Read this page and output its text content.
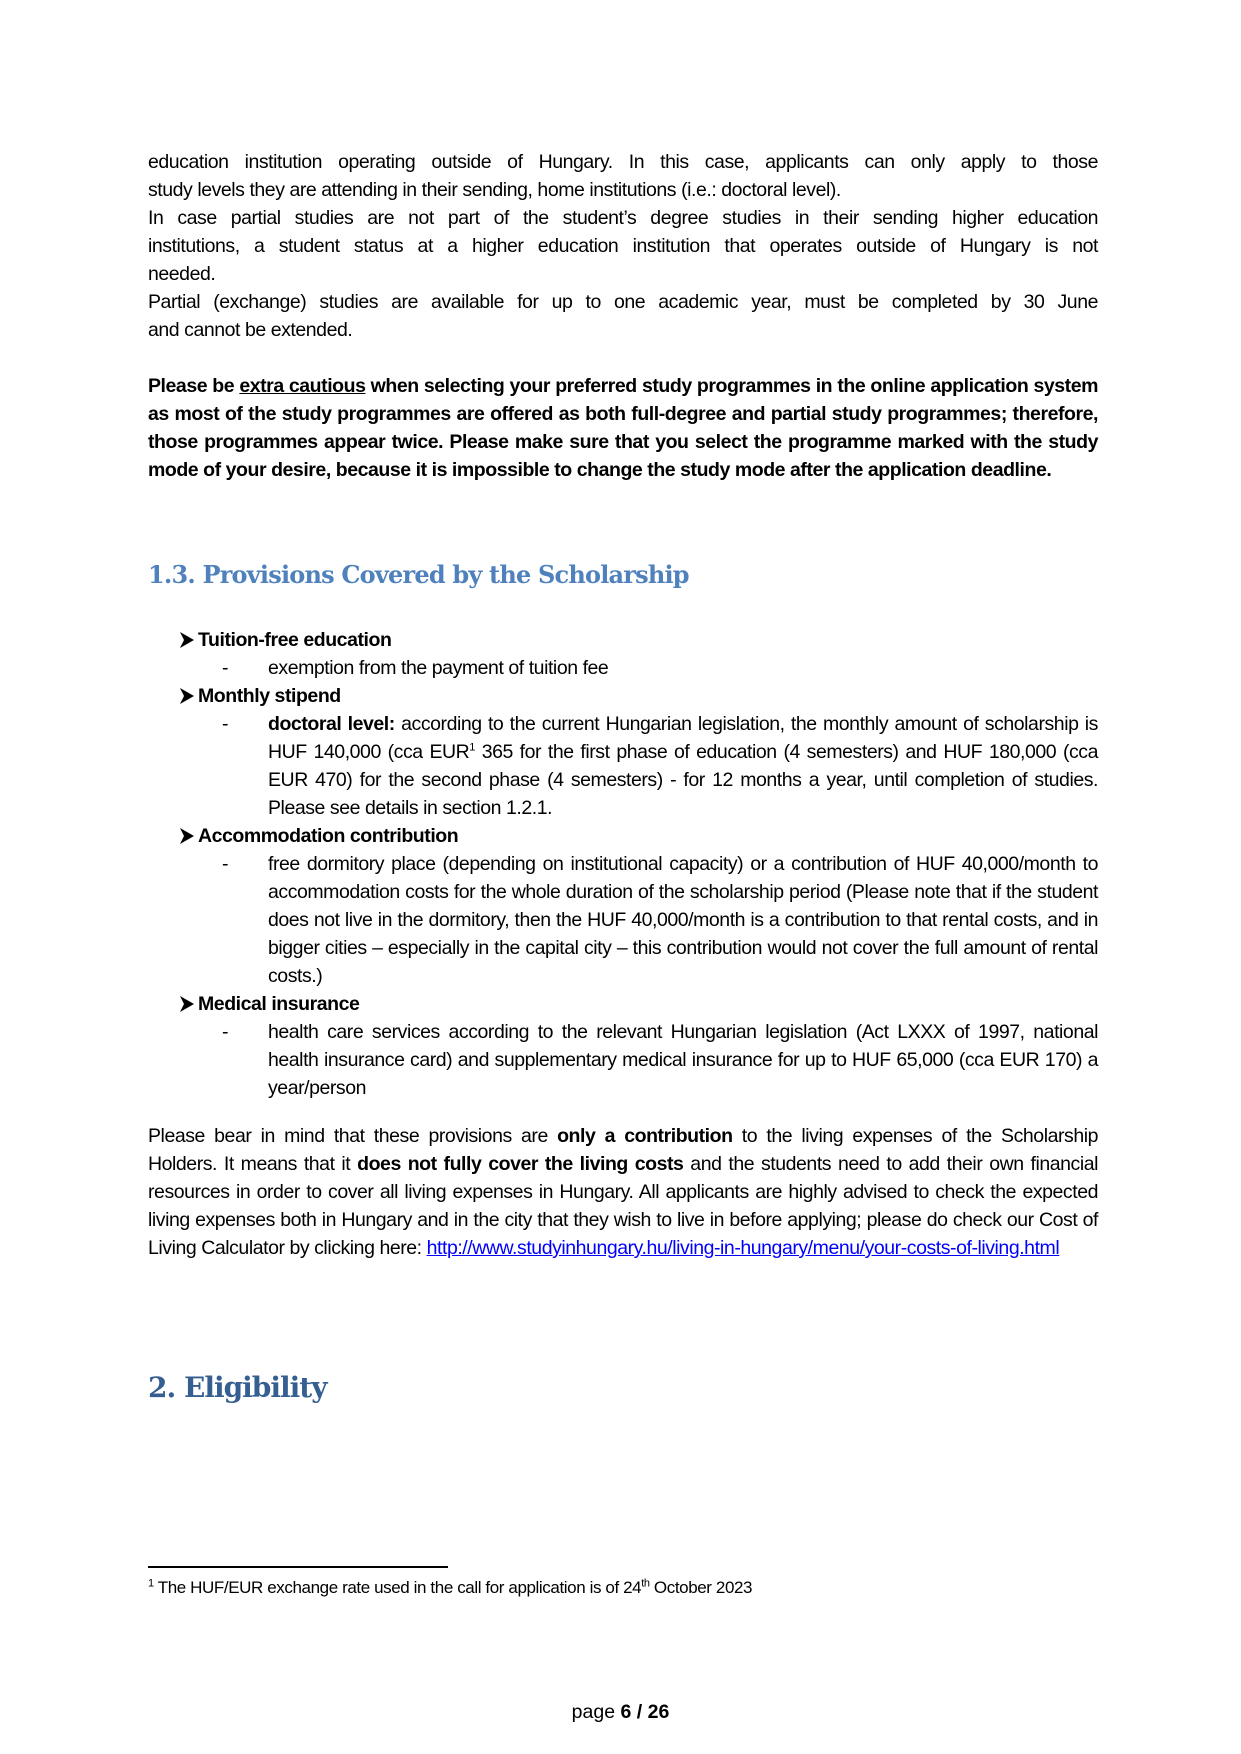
education institution operating outside of Hungary. In this case, applicants can only apply to those
study levels they are attending in their sending, home institutions (i.e.: doctoral level).
In case partial studies are not part of the student’s degree studies in their sending higher education
institutions, a student status at a higher education institution that operates outside of Hungary is not
needed.
Partial (exchange) studies are available for up to one academic year, must be completed by 30 June
and cannot be extended.
Please be extra cautious when selecting your preferred study programmes in the online application system as most of the study programmes are offered as both full-degree and partial study programmes; therefore, those programmes appear twice. Please make sure that you select the programme marked with the study mode of your desire, because it is impossible to change the study mode after the application deadline.
1.3. Provisions Covered by the Scholarship
Tuition-free education
- exemption from the payment of tuition fee
Monthly stipend
- doctoral level: according to the current Hungarian legislation, the monthly amount of scholarship is HUF 140,000 (cca EUR$^1$ 365 for the first phase of education (4 semesters) and HUF 180,000 (cca EUR 470) for the second phase (4 semesters) - for 12 months a year, until completion of studies. Please see details in section 1.2.1.
Accommodation contribution
- free dormitory place (depending on institutional capacity) or a contribution of HUF 40,000/month to accommodation costs for the whole duration of the scholarship period (Please note that if the student does not live in the dormitory, then the HUF 40,000/month is a contribution to that rental costs, and in bigger cities – especially in the capital city – this contribution would not cover the full amount of rental costs.)
Medical insurance
- health care services according to the relevant Hungarian legislation (Act LXXX of 1997, national health insurance card) and supplementary medical insurance for up to HUF 65,000 (cca EUR 170) a year/person
Please bear in mind that these provisions are only a contribution to the living expenses of the Scholarship Holders. It means that it does not fully cover the living costs and the students need to add their own financial resources in order to cover all living expenses in Hungary. All applicants are highly advised to check the expected living expenses both in Hungary and in the city that they wish to live in before applying; please do check our Cost of Living Calculator by clicking here: http://www.studyinhungary.hu/living-in-hungary/menu/your-costs-of-living.html
2. Eligibility
$^1$ The HUF/EUR exchange rate used in the call for application is of 24th October 2023
page 6 / 26
